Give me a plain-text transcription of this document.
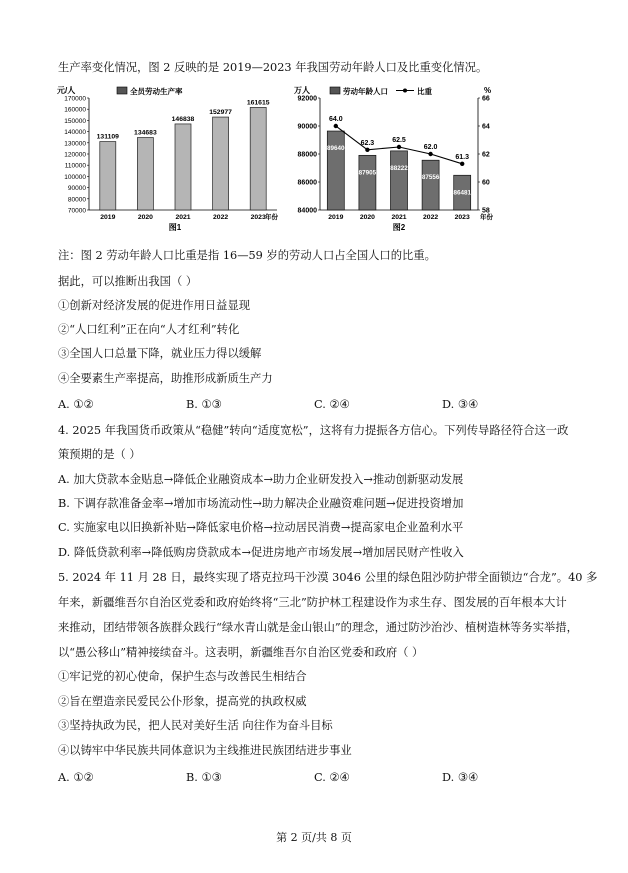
生产率变化情况，图 2 反映的是 2019—2023 年我国劳动年龄人口及比重变化情况。
元/人	全员劳动生产率
70000
80000
90000
100000
110000
120000
130000
140000
150000
160000
170000
131109
2019
134683
2020
146838
2021
152977
2022
161615
2023 年份
图1
万人	%
劳动年龄人口	比重
84000
86000
88000
90000
92000
58
60
62
64
66
89640
2019
87905
2020
88222
2021
87556
2022
86481
2023
64.0
62.3	62.5
62.0
61.3
年份
图2
注：图 2 劳动年龄人口比重是指 16—59 岁的劳动人口占全国人口的比重。
据此，可以推断出我国（ ）
①创新对经济发展的促进作用日益显现
②“人口红利”正在向“人才红利”转化
③全国人口总量下降，就业压力得以缓解
④全要素生产率提高，助推形成新质生产力
A. ①②	B. ①③	C. ②④	D. ③④
4. 2025 年我国货币政策从“稳健”转向“适度宽松”，这将有力提振各方信心。下列传导路径符合这一政
策预期的是（ ）
A. 加大贷款本金贴息→降低企业融资成本→助力企业研发投入→推动创新驱动发展
B. 下调存款准备金率→增加市场流动性→助力解决企业融资难问题→促进投资增加
C. 实施家电以旧换新补贴→降低家电价格→拉动居民消费→提高家电企业盈利水平
D. 降低贷款利率→降低购房贷款成本→促进房地产市场发展→增加居民财产性收入
5. 2024 年 11 月 28 日，最终实现了塔克拉玛干沙漠 3046 公里的绿色阻沙防护带全面锁边“合龙”。40 多
年来，新疆维吾尔自治区党委和政府始终将“三北”防护林工程建设作为求生存、图发展的百年根本大计
来推动，团结带领各族群众践行“绿水青山就是金山银山”的理念，通过防沙治沙、植树造林等务实举措，
以“愚公移山”精神接续奋斗。这表明，新疆维吾尔自治区党委和政府（ ）
①牢记党的初心使命，保护生态与改善民生相结合
②旨在塑造亲民爱民公仆形象，提高党的执政权威
③坚持执政为民，把人民对美好生活 向往作为奋斗目标
④以铸牢中华民族共同体意识为主线推进民族团结进步事业
A. ①②	B. ①③	C. ②④	D. ③④
第 2 页/共 8 页
